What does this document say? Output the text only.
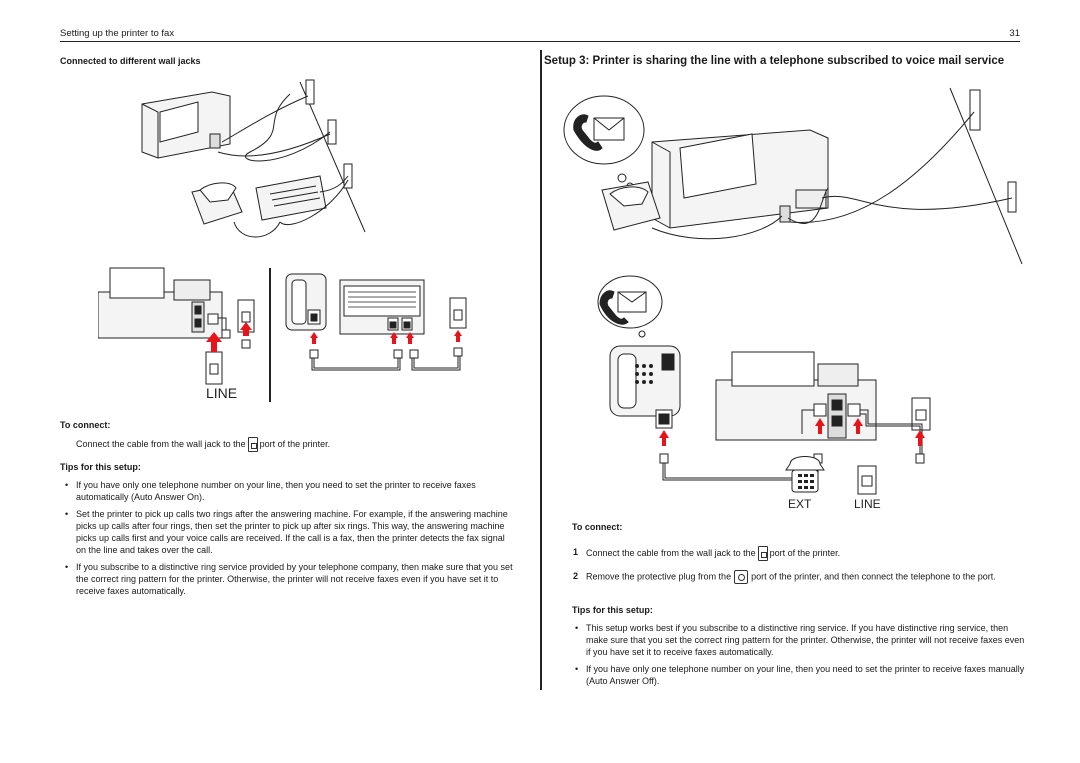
Setting up the printer to fax	31
Connected to different wall jacks
LINE
To connect:
Connect the cable from the wall jack to the port of the printer.
Tips for this setup:
• If you have only one telephone number on your line, then you need to set the printer to receive faxes automatically (Auto Answer On).
• Set the printer to pick up calls two rings after the answering machine. For example, if the answering machine picks up calls after four rings, then set the printer to pick up after six rings. This way, the answering machine picks up calls first and your voice calls are received. If the call is a fax, then the printer detects the fax signal on the line and takes over the call.
• If you subscribe to a distinctive ring service provided by your telephone company, then make sure that you set the correct ring pattern for the printer. Otherwise, the printer will not receive faxes even if you have set it to receive faxes automatically.
Setup 3: Printer is sharing the line with a telephone subscribed to voice mail service
EXT	LINE
To connect:
1 Connect the cable from the wall jack to the port of the printer.
2 Remove the protective plug from the port of the printer, and then connect the telephone to the port.
Tips for this setup:
• This setup works best if you subscribe to a distinctive ring service. If you have distinctive ring service, then make sure that you set the correct ring pattern for the printer. Otherwise, the printer will not receive faxes even if you have set it to receive faxes automatically.
• If you have only one telephone number on your line, then you need to set the printer to receive faxes manually (Auto Answer Off).
